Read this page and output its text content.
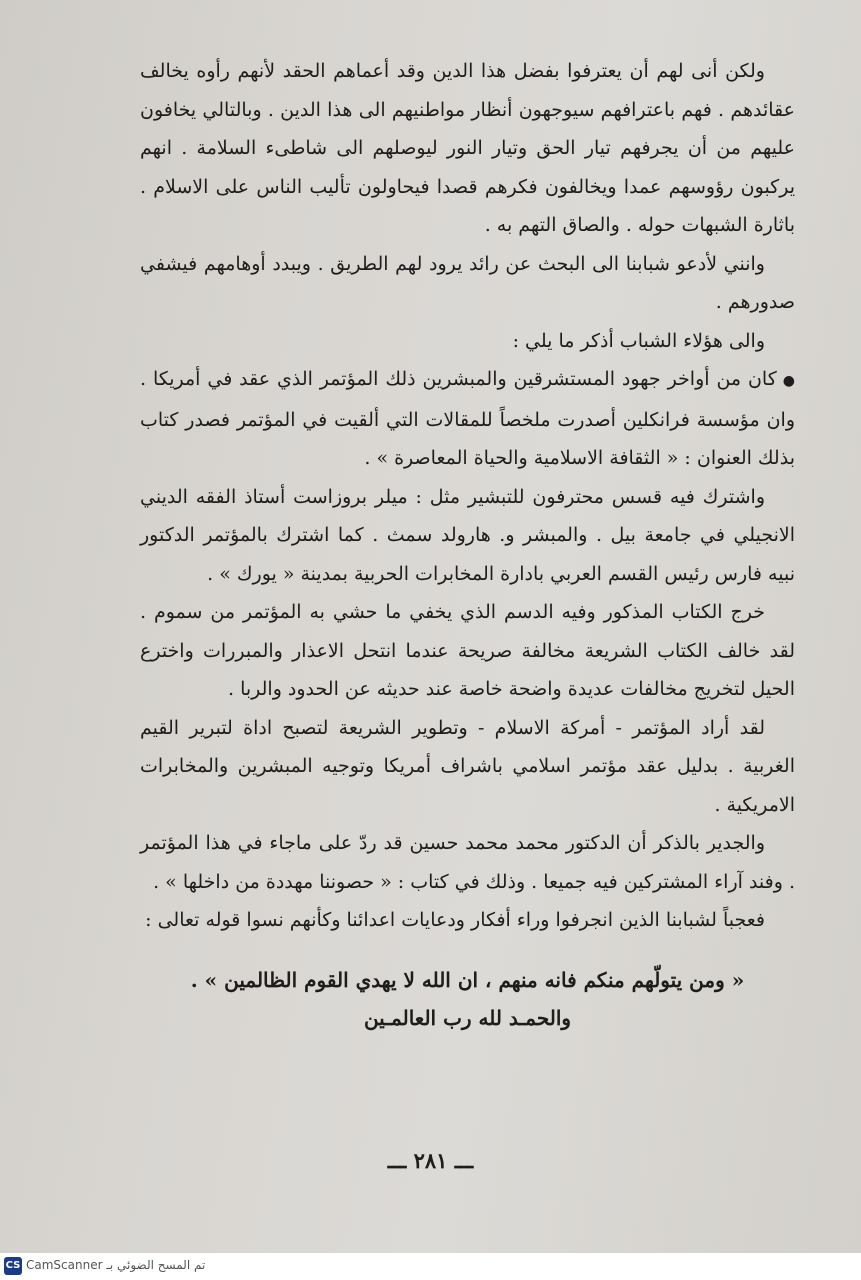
ولكن أنى لهم أن يعترفوا بفضل هذا الدين وقد أعماهم الحقد لأنهم رأوه يخالف عقائدهم . فهم باعترافهم سيوجهون أنظار مواطنيهم الى هذا الدين . وبالتالي يخافون عليهم من أن يجرفهم تيار الحق وتيار النور ليوصلهم الى شاطىء السلامة . انهم يركبون رؤوسهم عمدا ويخالفون فكرهم قصدا فيحاولون تأليب الناس على الاسلام . باثارة الشبهات حوله . والصاق التهم به .

وانني لأدعو شبابنا الى البحث عن رائد يرود لهم الطريق . ويبدد أوهامهم فيشفي صدورهم .

والى هؤلاء الشباب أذكر ما يلي :

●كان من أواخر جهود المستشرقين والمبشرين ذلك المؤتمر الذي عقد في أمريكا . وان مؤسسة فرانكلين أصدرت ملخصاً للمقالات التي ألقيت في المؤتمر فصدر كتاب بذلك العنوان : « الثقافة الاسلامية والحياة المعاصرة » .

واشترك فيه قسس محترفون للتبشير مثل : ميلر بروزاست أستاذ الفقه الديني الانجيلي في جامعة بيل . والمبشر و. هارولد سمث . كما اشترك بالمؤتمر الدكتور نبيه فارس رئيس القسم العربي بادارة المخابرات الحربية بمدينة « يورك » .

خرج الكتاب المذكور وفيه الدسم الذي يخفي ما حشي به المؤتمر من سموم . لقد خالف الكتاب الشريعة مخالفة صريحة عندما انتحل الاعذار والمبررات واخترع الحيل لتخريج مخالفات عديدة واضحة خاصة عند حديثه عن الحدود والربا .

لقد أراد المؤتمر - أمركة الاسلام - وتطوير الشريعة لتصبح اداة لتبرير القيم الغربية . بدليل عقد مؤتمر اسلامي باشراف أمريكا وتوجيه المبشرين والمخابرات الامريكية .

والجدير بالذكر أن الدكتور محمد محمد حسين قد ردّ على ماجاء في هذا المؤتمر . وفند آراء المشتركين فيه جميعا . وذلك في كتاب : « حصوننا مهددة من داخلها » .

فعجباً لشبابنا الذين انجرفوا وراء أفكار ودعايات اعدائنا وكأنهم نسوا قوله تعالى :

« ومن يتولّهم منكم فانه منهم ، ان الله لا يهدي القوم الظالمين » .

والحمـد لله رب العالمـين

ـــ ٢٨١ ـــ
CS تم المسح الضوئي بـ CamScanner
